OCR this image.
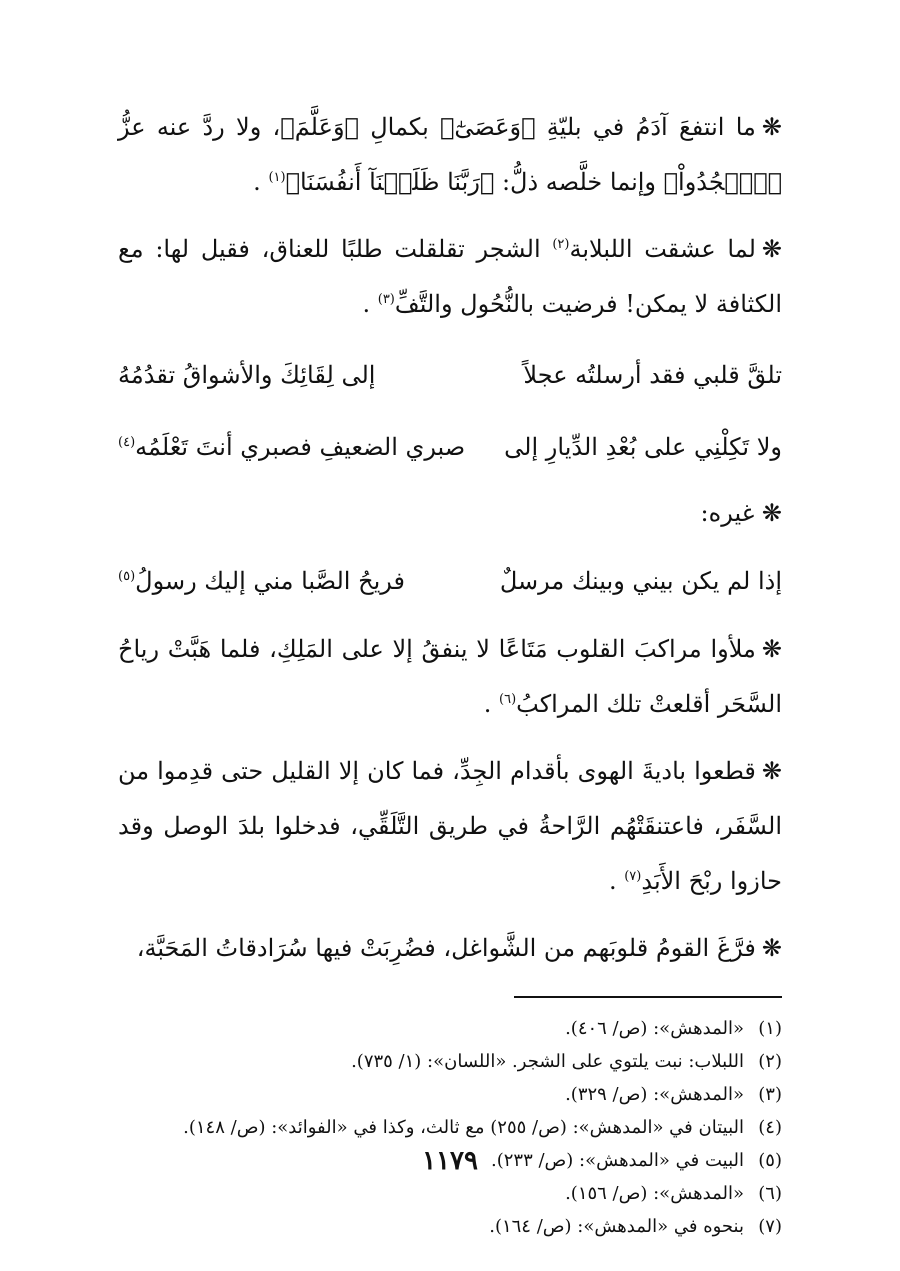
❋ما انتفعَ آدَمُ في بليّةِ ﴿وَعَصَىٰٓ﴾ بكمالِ ﴿وَعَلَّمَ﴾، ولا ردَّ عنه عزُّ ﴿ٱسۡجُدُواْ﴾ وإنما خلَّصه ذلُّ: ﴿رَبَّنَا ظَلَمۡنَآ أَنفُسَنَا﴾$^{(١)}$ .

❋لما عشقت اللبلابة$^{(٢)}$ الشجر تقلقلت طلبًا للعناق، فقيل لها: مع الكثافة لا يمكن! فرضيت بالنُّحُول والتَّفِّ$^{(٣)}$ .

تلقَّ قلبي فقد أرسلتُه عجلاً
إلى لِقَائِكَ والأشواقُ تقدُمُهُ
ولا تَكِلْنِي على بُعْدِ الدِّيارِ إلى
صبري الضعيفِ فصبري أنتَ تَعْلَمُه$^{(٤)}$
❋ غيره:
إذا لم يكن بيني وبينك مرسلٌ
فريحُ الصَّبا مني إليك رسولُ$^{(٥)}$

❋ملأوا مراكبَ القلوب مَتَاعًا لا ينفقُ إلا على المَلِكِ، فلما هَبَّتْ رياحُ السَّحَر أقلعتْ تلك المراكبُ$^{(٦)}$ .

❋قطعوا باديةَ الهوى بأقدام الجِدِّ، فما كان إلا القليل حتى قدِموا من السَّفَر، فاعتنقَتْهُم الرَّاحةُ في طريق التَّلَقِّي، فدخلوا بلدَ الوصل وقد حازوا ربْحَ الأَبَدِ$^{(٧)}$ .

❋فرَّغَ القومُ قلوبَهم من الشَّواغل، فضُرِبَتْ فيها سُرَادقاتُ المَحَبَّة،

(١)«المدهش»: (ص/ ٤٠٦).
(٢)اللبلاب: نبت يلتوي على الشجر. «اللسان»: (١/ ٧٣٥).
(٣)«المدهش»: (ص/ ٣٢٩).
(٤)البيتان في «المدهش»: (ص/ ٢٥٥) مع ثالث، وكذا في «الفوائد»: (ص/ ١٤٨).
(٥)البيت في «المدهش»: (ص/ ٢٣٣).
(٦)«المدهش»: (ص/ ١٥٦).
(٧)بنحوه في «المدهش»: (ص/ ١٦٤).
١١٧٩
